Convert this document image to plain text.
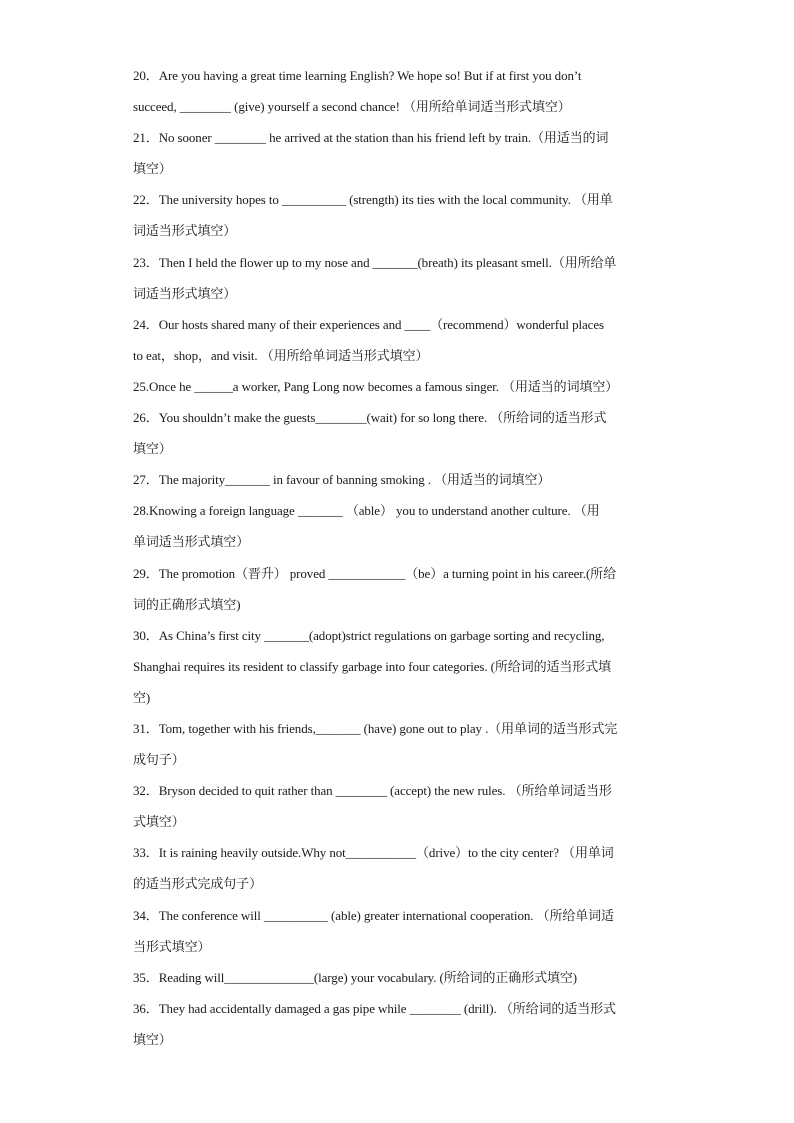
20．Are you having a great time learning English? We hope so! But if at first you don’t
succeed, ________ (give) yourself a second chance! （用所给单词适当形式填空）
21．No sooner ________ he arrived at the station than his friend left by train.（用适当的词
填空）
22．The university hopes to __________ (strength) its ties with the local community. （用单
词适当形式填空）
23．Then I held the flower up to my nose and _______(breath) its pleasant smell.（用所给单
词适当形式填空）
24．Our hosts shared many of their experiences and ____（recommend）wonderful places
to eat，shop，and visit. （用所给单词适当形式填空）
25.Once he ______a worker, Pang Long now becomes a famous singer. （用适当的词填空）
26．You shouldn’t make the guests________(wait) for so long there. （所给词的适当形式
填空）
27．The majority_______ in favour of banning smoking . （用适当的词填空）
28.Knowing a foreign language _______ （able） you to understand another culture. （用
单词适当形式填空）
29．The promotion（晋升） proved ____________（be）a turning point in his career.(所给
词的正确形式填空)
30．As China’s first city _______(adopt)strict regulations on garbage sorting and recycling,
Shanghai requires its resident to classify garbage into four categories. (所给词的适当形式填
空)
31．Tom, together with his friends,_______ (have) gone out to play .（用单词的适当形式完
成句子）
32．Bryson decided to quit rather than ________ (accept) the new rules. （所给单词适当形
式填空）
33．It is raining heavily outside.Why not___________（drive）to the city center? （用单词
的适当形式完成句子）
34．The conference will __________ (able) greater international cooperation. （所给单词适
当形式填空）
35．Reading will______________(large) your vocabulary. (所给词的正确形式填空)
36．They had accidentally damaged a gas pipe while ________ (drill). （所给词的适当形式
填空）
